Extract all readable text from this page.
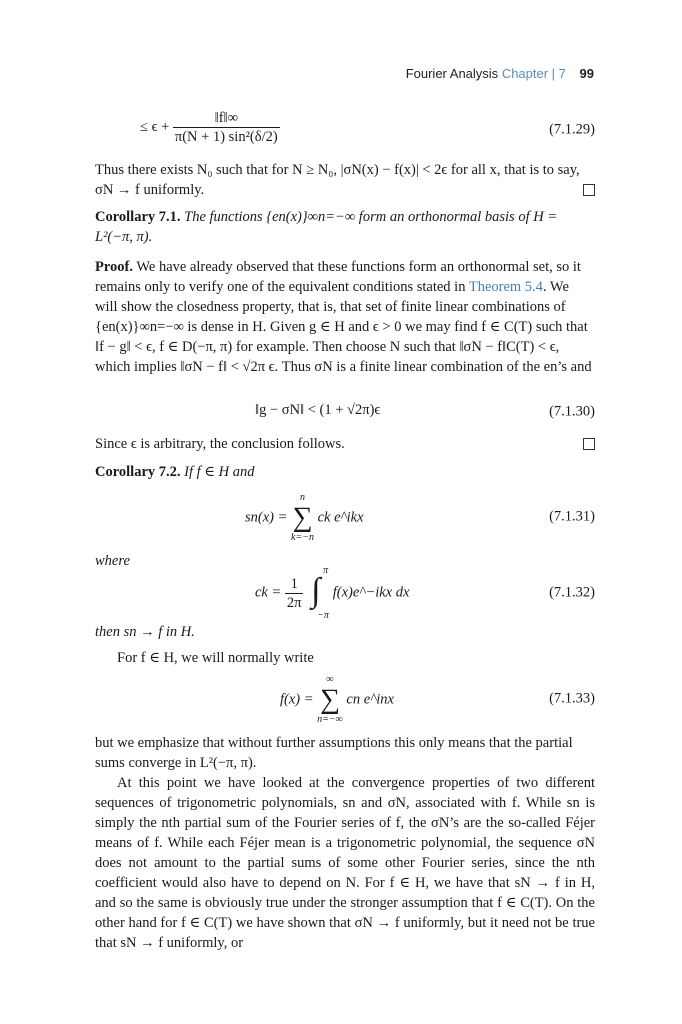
Fourier Analysis Chapter | 7 99
≤ $\epsilon + \frac{‖f‖\infty}{\text{π(N + 1) sin²(δ/2)}}$	(7.1.29)
Thus there exists N₀ such that for N ≥ N₀, |σN(x) − f(x)| < 2ϵ for all x, that is to say, σN → f uniformly.
Corollary 7.1. The functions {en(x)}∞n=−∞ form an orthonormal basis of H = L²(−π, π).
Proof. We have already observed that these functions form an orthonormal set, so it remains only to verify one of the equivalent conditions stated in Theorem 5.4. We will show the closedness property, that is, that set of finite linear combinations of {en(x)}∞n=−∞ is dense in H. Given g ∈ H and ϵ > 0 we may find f ∈ C(T) such that ‖f − g‖ < ϵ, f ∈ D(−π, π) for example. Then choose N such that ‖σN − f‖C(T) < ϵ, which implies ‖σN − f‖ < √2π ϵ. Thus σN is a finite linear combination of the en’s and
‖g − σN‖ < (1 + √2π)ϵ	(7.1.30)
Since ϵ is arbitrary, the conclusion follows.
Corollary 7.2. If f ∈ H and
sn(x) =
n
∑
k=−n
ck e^ikx	(7.1.31)
where
ck = $\frac{1}{2\pi}$
∫
π
−π
f(x)e^−ikx dx	(7.1.32)
then sn → f in H.
For f ∈ H, we will normally write
f(x) =
∞
∑
n=−∞
cn e^inx	(7.1.33)
but we emphasize that without further assumptions this only means that the partial sums converge in L²(−π, π).
At this point we have looked at the convergence properties of two different sequences of trigonometric polynomials, sn and σN, associated with f. While sn is simply the nth partial sum of the Fourier series of f, the σN’s are the so-called Féjer means of f. While each Féjer mean is a trigonometric polynomial, the sequence σN does not amount to the partial sums of some other Fourier series, since the nth coefficient would also have to depend on N. For f ∈ H, we have that sN → f in H, and so the same is obviously true under the stronger assumption that f ∈ C(T). On the other hand for f ∈ C(T) we have shown that σN → f uniformly, but it need not be true that sN → f uniformly, or
